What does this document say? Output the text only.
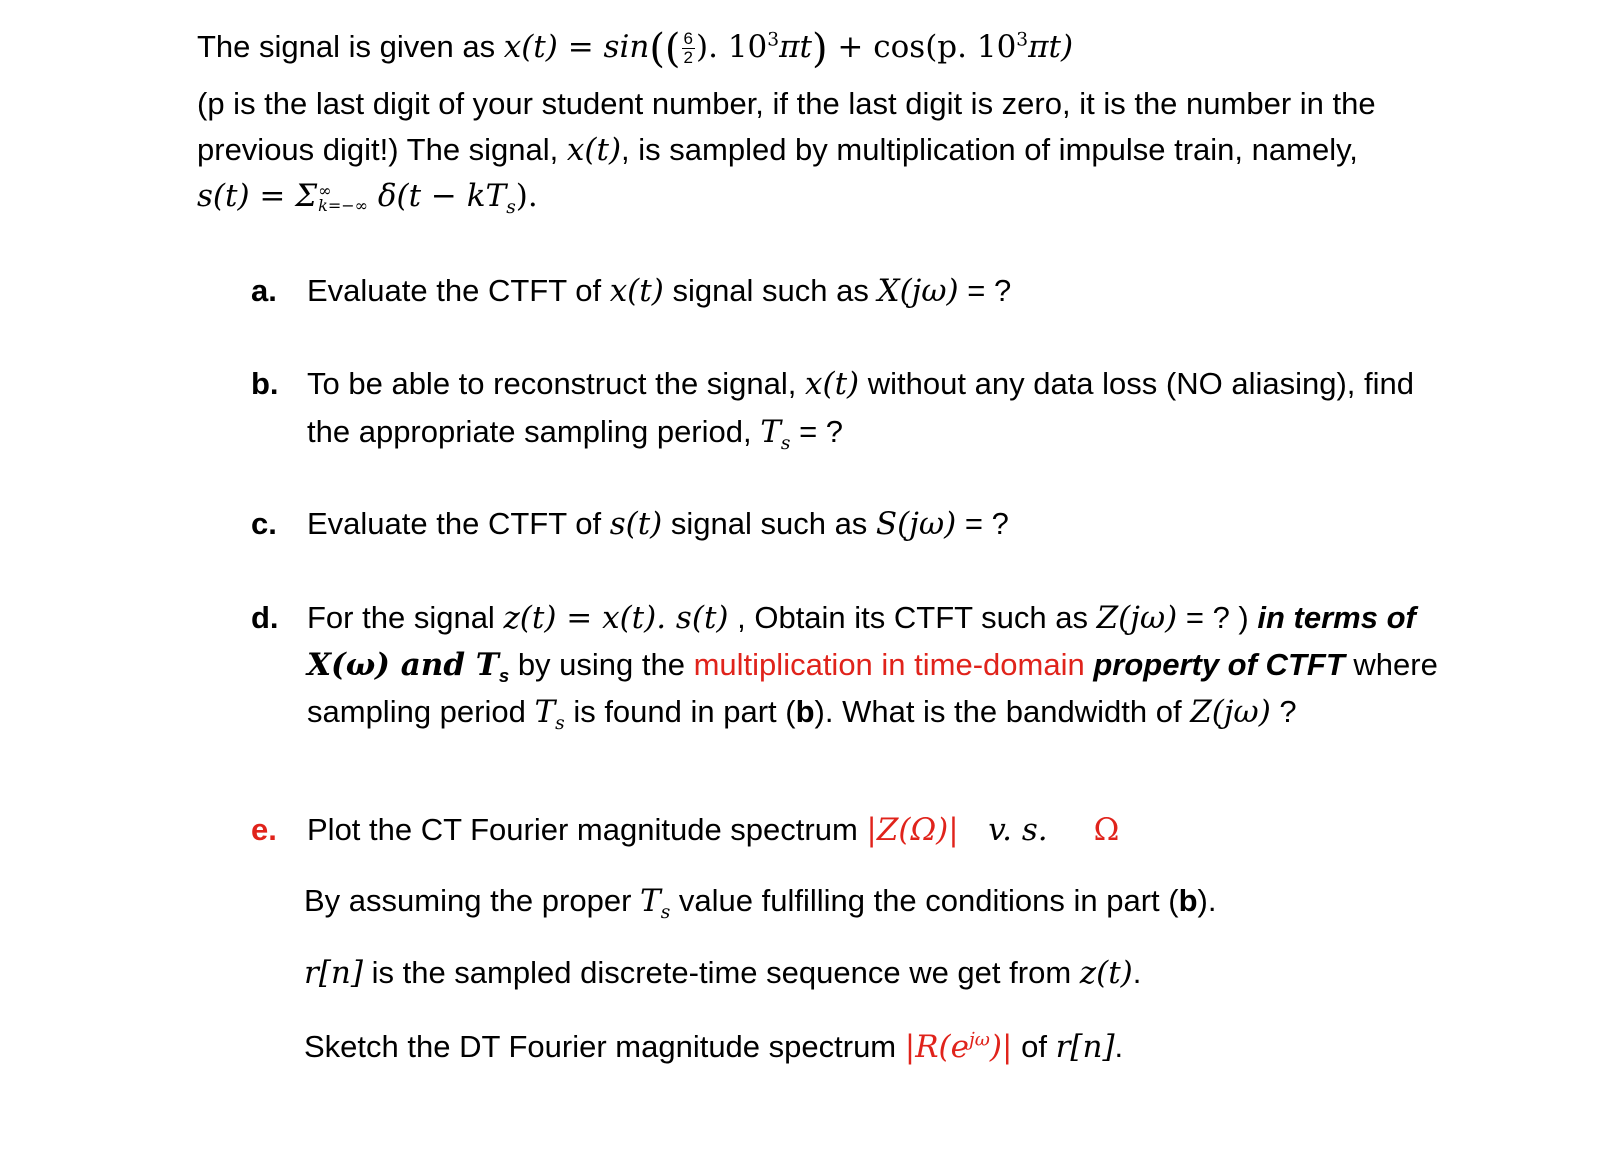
The signal is given as $x(t) = \sin(( \frac{6}{2}$ ). $10^3\pi t) + \cos(p$. $10^3\pi t$)
(p is the last digit of your student number, if the last digit is zero, it is the number in the
previous digit!) The signal, x(t), is sampled by multiplication of impulse train, namely,
s(t) = Σ ∞
k=−∞ $\delta(t - kT_s)$.
a. Evaluate the CTFT of x(t) signal such as X(jω) = ?
b. To be able to reconstruct the signal, x(t) without any data loss (NO aliasing), find
the appropriate sampling period, $T_s$ = ?
c. Evaluate the CTFT of s(t) signal such as S(jω) = ?
d. For the signal z(t) = x(t). s(t) , Obtain its CTFT such as Z(jω) = ? ) in terms of
X(ω) and $T_s$ by using the multiplication in time-domain property of CTFT where
sampling period $T_s$ is found in part (b). What is the bandwidth of Z(jω) ?
e. Plot the CT Fourier magnitude spectrum |Z(Ω)|   v. s. Ω
By assuming the proper $T_s$ value fulfilling the conditions in part (b).
r[n] is the sampled discrete-time sequence we get from z(t).
Sketch the DT Fourier magnitude spectrum $|R(e^{j\omega})|$ of r[n].
